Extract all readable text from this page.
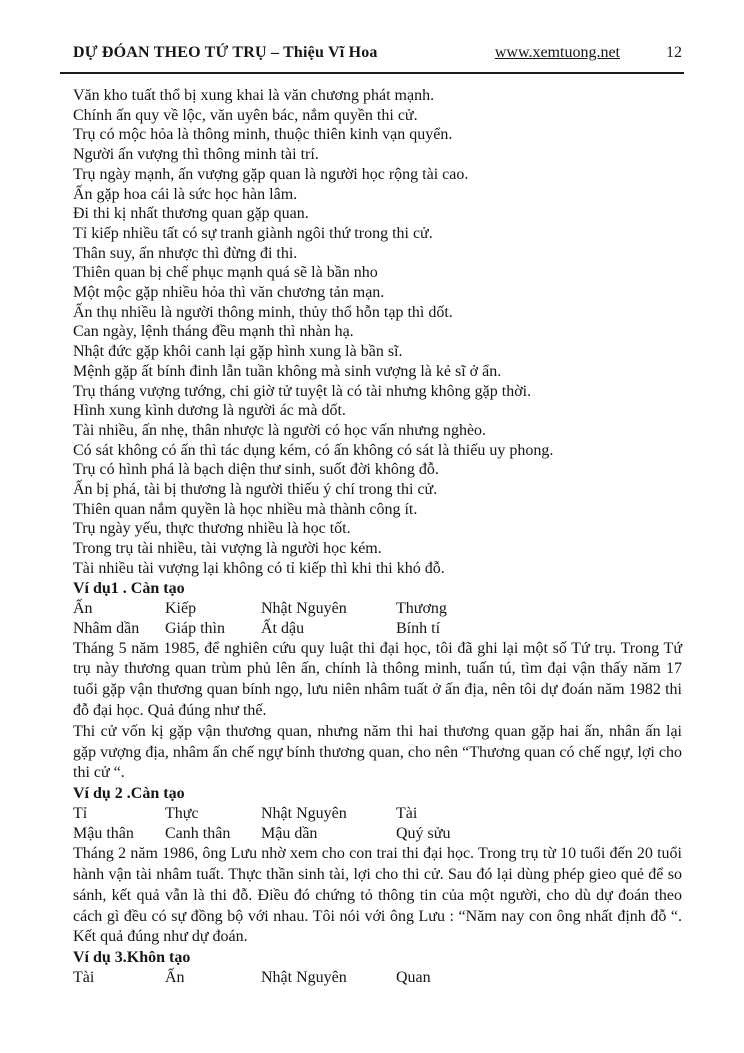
DỰ ĐÓAN THEO TỨ TRỤ – Thiệu Vĩ Hoa	www.xemtuong.net	12
Văn kho tuất thổ bị xung khai là văn chương phát mạnh.
Chính ấn quy về lộc, văn uyên bác, nắm quyền thi cử.
Trụ có mộc hỏa là thông minh, thuộc thiên kinh vạn quyển.
Người ấn vượng thì thông minh tài trí.
Trụ ngày mạnh, ấn vượng gặp quan là người học rộng tài cao.
Ấn gặp hoa cái là sức học hàn lâm.
Đi thi kị nhất thương quan gặp quan.
Tỉ kiếp nhiều tất có sự tranh giành ngôi thứ trong thi cử.
Thân suy, ấn nhược thì đừng đi thi.
Thiên quan bị chế phục mạnh quá sẽ là bần nho
Một mộc gặp nhiều hỏa thì văn chương tản mạn.
Ấn thụ nhiều là người thông minh, thủy thổ hỗn tạp thì dốt.
Can ngày, lệnh tháng đều mạnh thì nhàn hạ.
Nhật đức gặp khôi canh lại gặp hình xung là bần sĩ.
Mệnh gặp ất bính đinh lẫn tuần không mà sinh vượng là kẻ sĩ ở ẩn.
Trụ tháng vượng tướng, chi giờ tử tuyệt là có tài nhưng không gặp thời.
Hình xung kình dương là người ác mà dốt.
Tài nhiều, ấn nhẹ, thân nhược là người có học vấn nhưng nghèo.
Có sát không có ấn thì tác dụng kém, có ấn không có sát là thiếu uy phong.
Trụ có hình phá là bạch diện thư sinh, suốt đời không đỗ.
Ấn bị phá, tài bị thương là người thiếu ý chí trong thi cử.
Thiên quan nắm quyền là học nhiều mà thành công ít.
Trụ ngày yếu, thực thương nhiều là học tốt.
Trong trụ tài nhiều, tài vượng là người học kém.
Tài nhiều tài vượng lại không có tỉ kiếp thì khi thi khó đỗ.
Ví dụ1 . Càn tạo
Ấn	Kiếp	Nhật Nguyên	Thương
Nhâm dần	Giáp thìn	Ất dậu	Bính tí

Tháng 5 năm 1985, để nghiên cứu quy luật thi đại học, tôi đã ghi lại một số Tứ trụ. Trong Tứ trụ này thương quan trùm phủ lên ấn, chính là thông minh, tuấn tú, tìm đại vận thấy năm 17 tuổi gặp vận thương quan bính ngọ, lưu niên nhâm tuất ở ấn địa, nên tôi dự đoán năm 1982 thi đỗ đại học. Quả đúng như thế.

Thi cử vốn kị gặp vận thương quan, nhưng năm thi hai thương quan gặp hai ấn, nhân ấn lại gặp vượng địa, nhâm ấn chế ngự bính thương quan, cho nên “Thương quan có chế ngự, lợi cho thi cử “.

Ví dụ 2 .Càn tạo
Tỉ	Thực	Nhật Nguyên	Tài
Mậu thân	Canh thân	Mậu dần	Quý sửu

Tháng 2 năm 1986, ông Lưu nhờ xem cho con trai thi đại học. Trong trụ từ 10 tuổi đến 20 tuổi hành vận tài nhâm tuất. Thực thần sinh tài, lợi cho thi cử. Sau đó lại dùng phép gieo quẻ để so sánh, kết quả vẫn là thi đỗ. Điều đó chứng tỏ thông tin của một người, cho dù dự đoán theo cách gì đều có sự đồng bộ với nhau. Tôi nói với ông Lưu : “Năm nay con ông nhất định đỗ “. Kết quả đúng như dự đoán.

Ví dụ 3.Khôn tạo
Tài	Ấn	Nhật Nguyên	Quan
